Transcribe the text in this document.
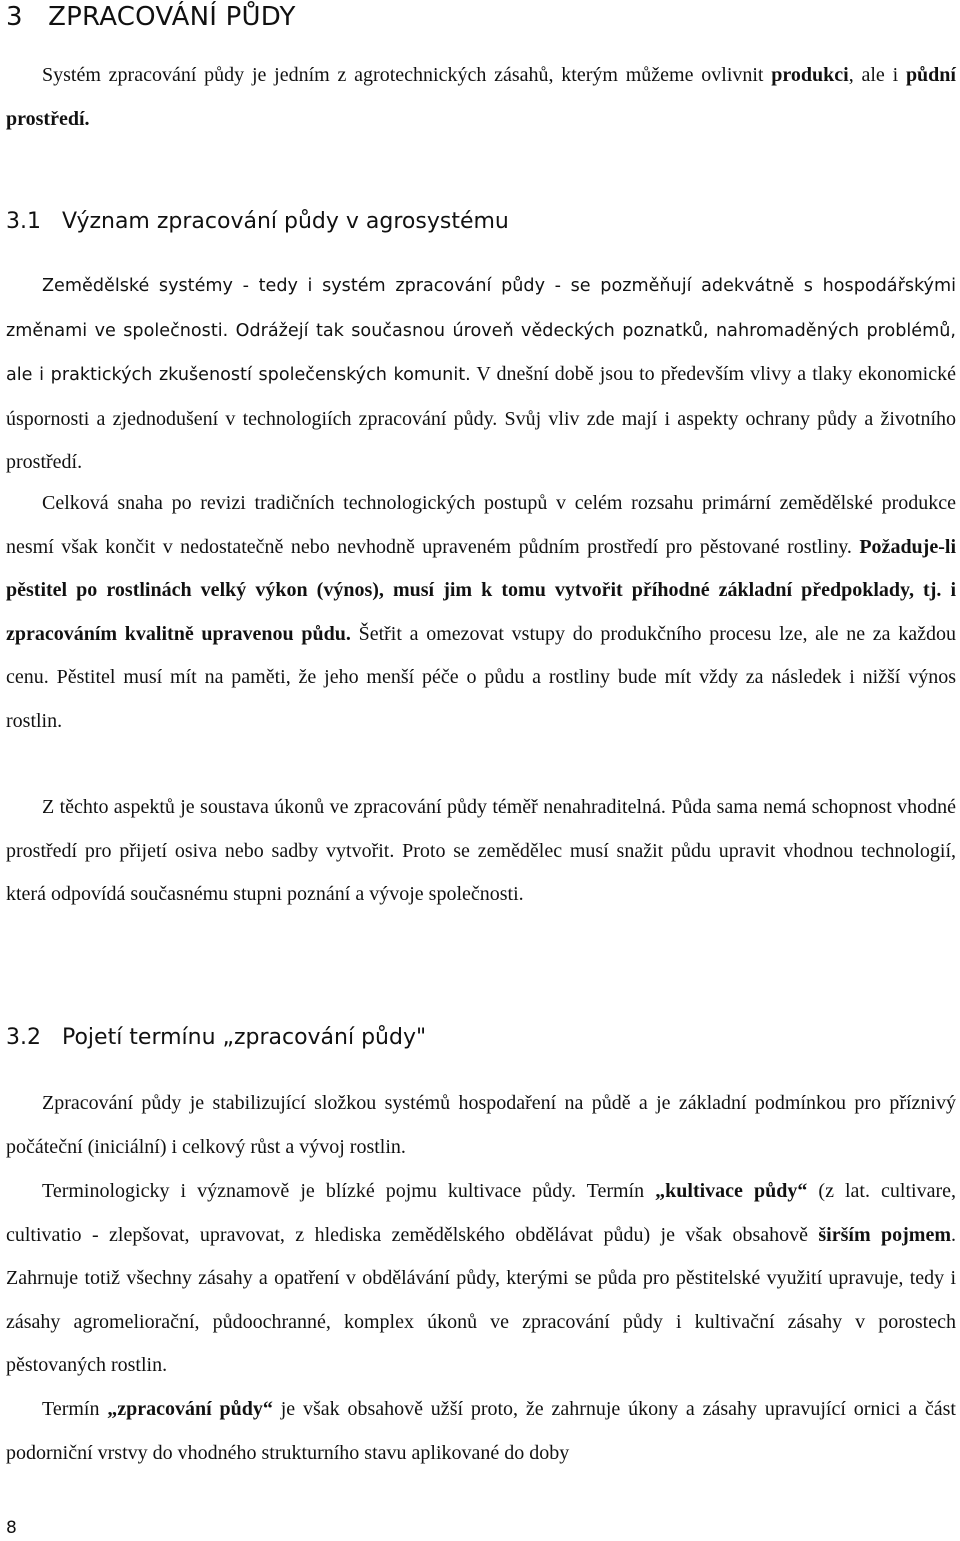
3 ZPRACOVÁNÍ PŮDY

Systém zpracování půdy je jedním z agrotechnických zásahů, kterým můžeme ovlivnit produkci, ale i půdní prostředí.

3.1 Význam zpracování půdy v agrosystému

Zemědělské systémy - tedy i systém zpracování půdy - se pozměňují adekvátně s hospodářskými změnami ve společnosti. Odrážejí tak současnou úroveň vědeckých poznatků, nahromaděných problémů, ale i praktických zkušeností společenských komunit. V dnešní době jsou to především vlivy a tlaky ekonomické úspornosti a zjednodušení v technologiích zpracování půdy. Svůj vliv zde mají i aspekty ochrany půdy a životního prostředí.

Celková snaha po revizi tradičních technologických postupů v celém rozsahu primární zemědělské produkce nesmí však končit v nedostatečně nebo nevhodně upraveném půdním prostředí pro pěstované rostliny. Požaduje-li pěstitel po rostlinách velký výkon (výnos), musí jim k tomu vytvořit příhodné základní předpoklady, tj. i zpracováním kvalitně upravenou půdu. Šetřit a omezovat vstupy do produkčního procesu lze, ale ne za každou cenu. Pěstitel musí mít na paměti, že jeho menší péče o půdu a rostliny bude mít vždy za následek i nižší výnos rostlin.

Z těchto aspektů je soustava úkonů ve zpracování půdy téměř nenahraditelná. Půda sama nemá schopnost vhodné prostředí pro přijetí osiva nebo sadby vytvořit. Proto se zemědělec musí snažit půdu upravit vhodnou technologií, která odpovídá současnému stupni poznání a vývoje společnosti.

3.2 Pojetí termínu „zpracování půdy"

Zpracování půdy je stabilizující složkou systémů hospodaření na půdě a je základní podmínkou pro příznivý počáteční (iniciální) i celkový růst a vývoj rostlin.

Terminologicky i významově je blízké pojmu kultivace půdy. Termín „kultivace půdy“ (z lat. cultivare, cultivatio - zlepšovat, upravovat, z hlediska zemědělského obdělávat půdu) je však obsahově širším pojmem. Zahrnuje totiž všechny zásahy a opatření v obdělávání půdy, kterými se půda pro pěstitelské využití upravuje, tedy i zásahy agromeliorační, půdoochranné, komplex úkonů ve zpracování půdy i kultivační zásahy v porostech pěstovaných rostlin.

Termín „zpracování půdy“ je však obsahově užší proto, že zahrnuje úkony a zásahy upravující ornici a část podorniční vrstvy do vhodného strukturního stavu aplikované do doby

8
